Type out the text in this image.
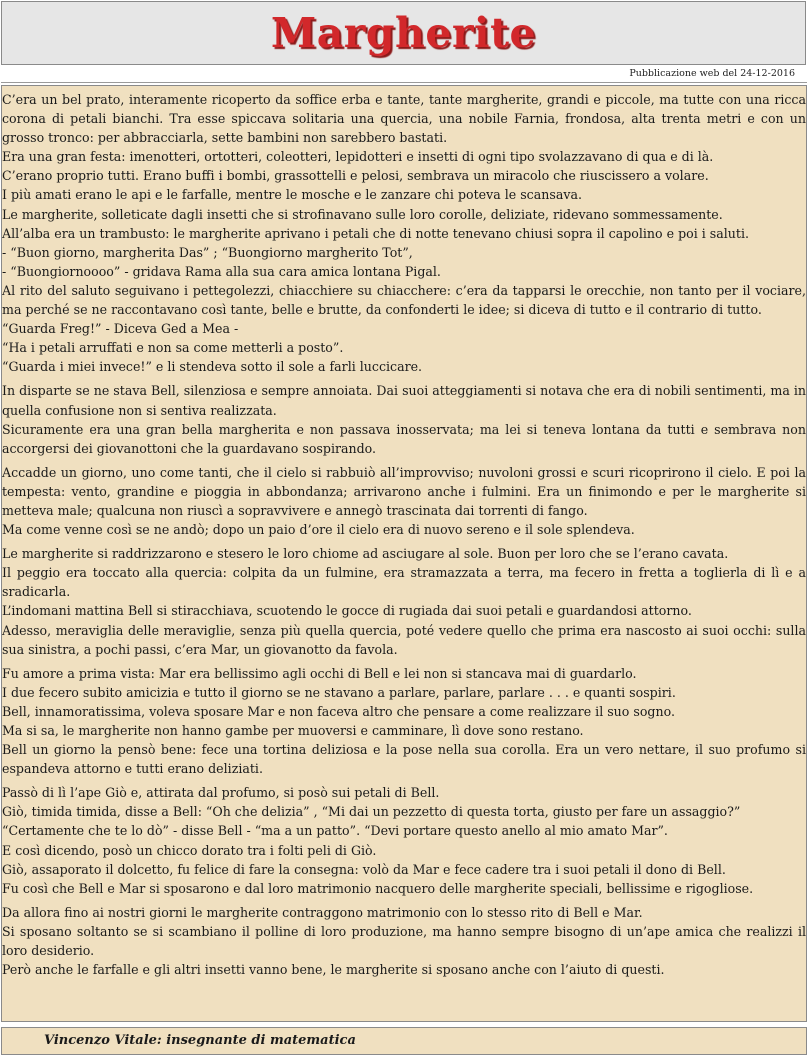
Margherite
Pubblicazione web del 24-12-2016

C’era un bel prato, interamente ricoperto da soffice erba e tante, tante margherite, grandi e piccole, ma tutte con una ricca corona di petali bianchi. Tra esse spiccava solitaria una quercia, una nobile Farnia, frondosa, alta trenta metri e con un grosso tronco: per abbracciarla, sette bambini non sarebbero bastati.

Era una gran festa: imenotteri, ortotteri, coleotteri, lepidotteri e insetti di ogni tipo svolazzavano di qua e di là.

C’erano proprio tutti. Erano buffi i bombi, grassottelli e pelosi, sembrava un miracolo che riuscissero a volare.

I più amati erano le api e le farfalle, mentre le mosche e le zanzare chi poteva le scansava.

Le margherite, solleticate dagli insetti che si strofinavano sulle loro corolle, deliziate, ridevano sommessamente.

All’alba era un trambusto: le margherite aprivano i petali che di notte tenevano chiusi sopra il capolino e poi i saluti.

- “Buon giorno, margherita Das” ; “Buongiorno margherito Tot”,

- “Buongiornoooo” - gridava Rama alla sua cara amica lontana Pigal.

Al rito del saluto seguivano i pettegolezzi, chiacchiere su chiacchere: c’era da tapparsi le orecchie, non tanto per il vociare, ma perché se ne raccontavano così tante, belle e brutte, da confonderti le idee; si diceva di tutto e il contrario di tutto.

“Guarda Freg!” - Diceva Ged a Mea -

“Ha i petali arruffati e non sa come metterli a posto”.

“Guarda i miei invece!” e li stendeva sotto il sole a farli luccicare.

In disparte se ne stava Bell, silenziosa e sempre annoiata. Dai suoi atteggiamenti si notava che era di nobili sentimenti, ma in quella confusione non si sentiva realizzata.

Sicuramente era una gran bella margherita e non passava inosservata; ma lei si teneva lontana da tutti e sembrava non accorgersi dei giovanottoni che la guardavano sospirando.

Accadde un giorno, uno come tanti, che il cielo si rabbuiò all’improvviso; nuvoloni grossi e scuri ricoprirono il cielo. E poi la tempesta: vento, grandine e pioggia in abbondanza; arrivarono anche i fulmini. Era un finimondo e per le margherite si metteva male; qualcuna non riuscì a sopravvivere e annegò trascinata dai torrenti di fango.

Ma come venne così se ne andò; dopo un paio d’ore il cielo era di nuovo sereno e il sole splendeva.

Le margherite si raddrizzarono e stesero le loro chiome ad asciugare al sole. Buon per loro che se l’erano cavata.

Il peggio era toccato alla quercia: colpita da un fulmine, era stramazzata a terra, ma fecero in fretta a toglierla di lì e a sradicarla.

L’indomani mattina Bell si stiracchiava, scuotendo le gocce di rugiada dai suoi petali e guardandosi attorno.

Adesso, meraviglia delle meraviglie, senza più quella quercia, poté vedere quello che prima era nascosto ai suoi occhi: sulla sua sinistra, a pochi passi, c’era Mar, un giovanotto da favola.

Fu amore a prima vista: Mar era bellissimo agli occhi di Bell e lei non si stancava mai di guardarlo.

I due fecero subito amicizia e tutto il giorno se ne stavano a parlare, parlare, parlare . . . e quanti sospiri.

Bell, innamoratissima, voleva sposare Mar e non faceva altro che pensare a come realizzare il suo sogno.

Ma si sa, le margherite non hanno gambe per muoversi e camminare, lì dove sono restano.

Bell un giorno la pensò bene: fece una tortina deliziosa e la pose nella sua corolla. Era un vero nettare, il suo profumo si espandeva attorno e tutti erano deliziati.

Passò di lì l’ape Giò e, attirata dal profumo, si posò sui petali di Bell.

Giò, timida timida, disse a Bell: “Oh che delizia” , “Mi dai un pezzetto di questa torta, giusto per fare un assaggio?”

“Certamente che te lo dò” - disse Bell - “ma a un patto”. “Devi portare questo anello al mio amato Mar”.

E così dicendo, posò un chicco dorato tra i folti peli di Giò.

Giò, assaporato il dolcetto, fu felice di fare la consegna: volò da Mar e fece cadere tra i suoi petali il dono di Bell.

Fu così che Bell e Mar si sposarono e dal loro matrimonio nacquero delle margherite speciali, bellissime e rigogliose.

Da allora fino ai nostri giorni le margherite contraggono matrimonio con lo stesso rito di Bell e Mar.

Si sposano soltanto se si scambiano il polline di loro produzione, ma hanno sempre bisogno di un’ape amica che realizzi il loro desiderio.

Però anche le farfalle e gli altri insetti vanno bene, le margherite si sposano anche con l’aiuto di questi.

Vincenzo Vitale: insegnante di matematica
